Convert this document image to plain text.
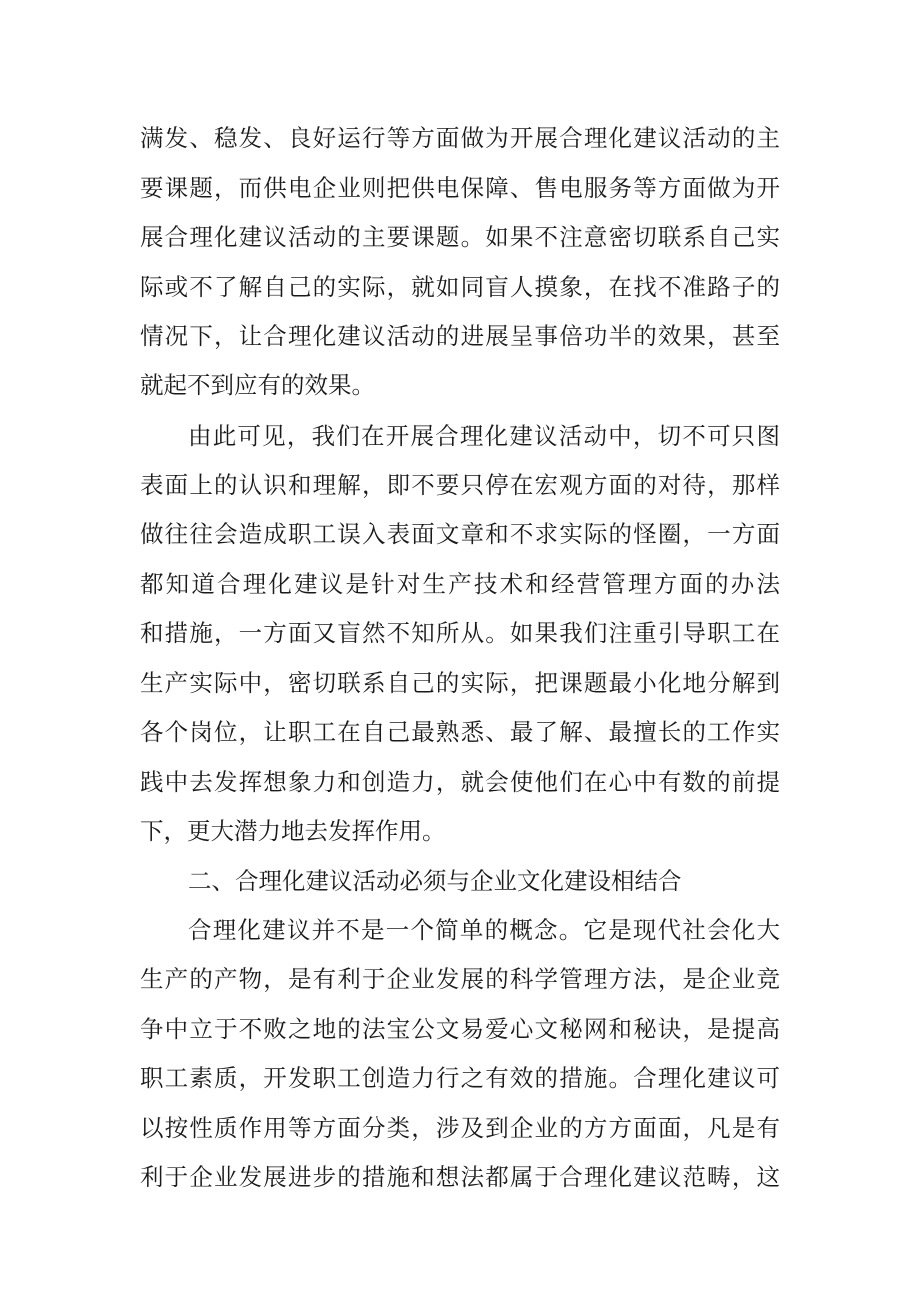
满发、稳发、良好运行等方面做为开展合理化建议活动的主
要课题，而供电企业则把供电保障、售电服务等方面做为开
展合理化建议活动的主要课题。如果不注意密切联系自己实
际或不了解自己的实际，就如同盲人摸象，在找不准路子的
情况下，让合理化建议活动的进展呈事倍功半的效果，甚至
就起不到应有的效果。
由此可见，我们在开展合理化建议活动中，切不可只图
表面上的认识和理解，即不要只停在宏观方面的对待，那样
做往往会造成职工误入表面文章和不求实际的怪圈，一方面
都知道合理化建议是针对生产技术和经营管理方面的办法
和措施，一方面又盲然不知所从。如果我们注重引导职工在
生产实际中，密切联系自己的实际，把课题最小化地分解到
各个岗位，让职工在自己最熟悉、最了解、最擅长的工作实
践中去发挥想象力和创造力，就会使他们在心中有数的前提
下，更大潜力地去发挥作用。
二、合理化建议活动必须与企业文化建设相结合
合理化建议并不是一个简单的概念。它是现代社会化大
生产的产物，是有利于企业发展的科学管理方法，是企业竞
争中立于不败之地的法宝公文易爱心文秘网和秘诀，是提高
职工素质，开发职工创造力行之有效的措施。合理化建议可
以按性质作用等方面分类，涉及到企业的方方面面，凡是有
利于企业发展进步的措施和想法都属于合理化建议范畴，这
